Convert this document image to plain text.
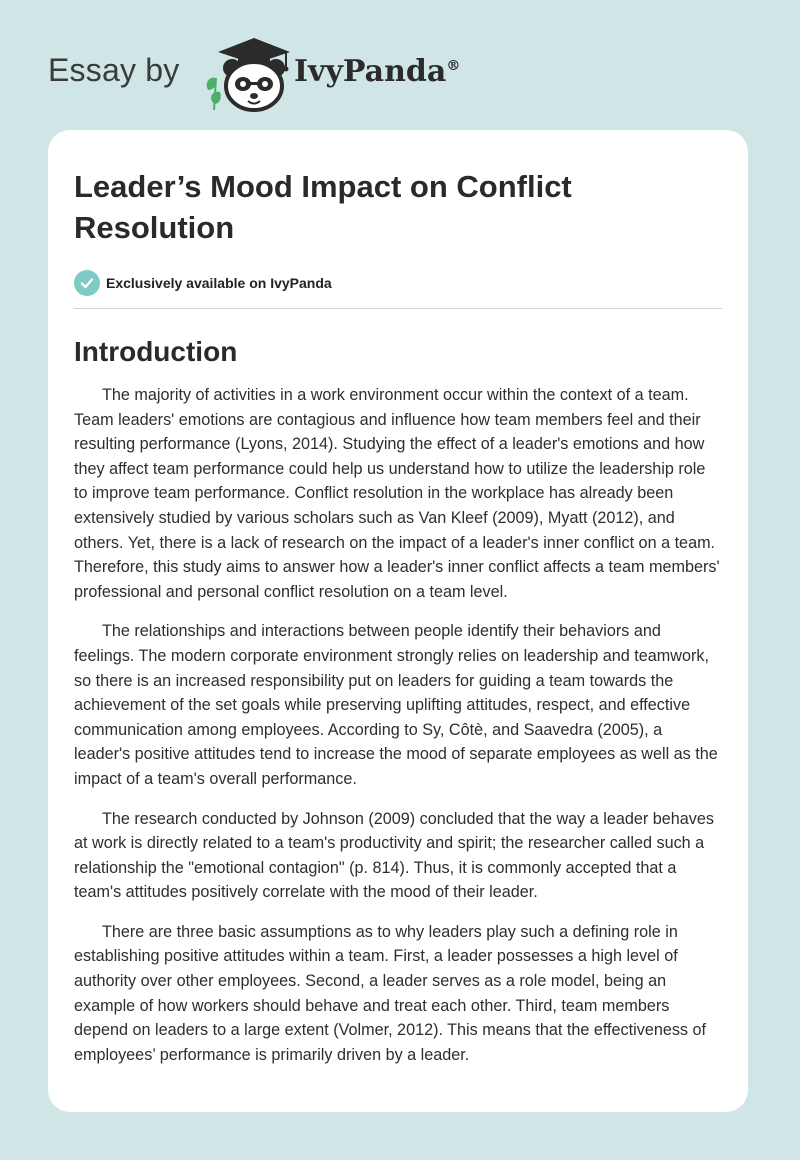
Essay by	IvyPanda®
Leader’s Mood Impact on Conflict Resolution
Exclusively available on IvyPanda
Introduction

The majority of activities in a work environment occur within the context of a team. Team leaders' emotions are contagious and influence how team members feel and their resulting performance (Lyons, 2014). Studying the effect of a leader's emotions and how they affect team performance could help us understand how to utilize the leadership role to improve team performance. Conflict resolution in the workplace has already been extensively studied by various scholars such as Van Kleef (2009), Myatt (2012), and others. Yet, there is a lack of research on the impact of a leader's inner conflict on a team. Therefore, this study aims to answer how a leader's inner conflict affects a team members' professional and personal conflict resolution on a team level.

The relationships and interactions between people identify their behaviors and feelings. The modern corporate environment strongly relies on leadership and teamwork, so there is an increased responsibility put on leaders for guiding a team towards the achievement of the set goals while preserving uplifting attitudes, respect, and effective communication among employees. According to Sy, Côtè, and Saavedra (2005), a leader's positive attitudes tend to increase the mood of separate employees as well as the impact of a team's overall performance.

The research conducted by Johnson (2009) concluded that the way a leader behaves at work is directly related to a team's productivity and spirit; the researcher called such a relationship the "emotional contagion" (p. 814). Thus, it is commonly accepted that a team's attitudes positively correlate with the mood of their leader.

There are three basic assumptions as to why leaders play such a defining role in establishing positive attitudes within a team. First, a leader possesses a high level of authority over other employees. Second, a leader serves as a role model, being an example of how workers should behave and treat each other. Third, team members depend on leaders to a large extent (Volmer, 2012). This means that the effectiveness of employees’ performance is primarily driven by a leader.
